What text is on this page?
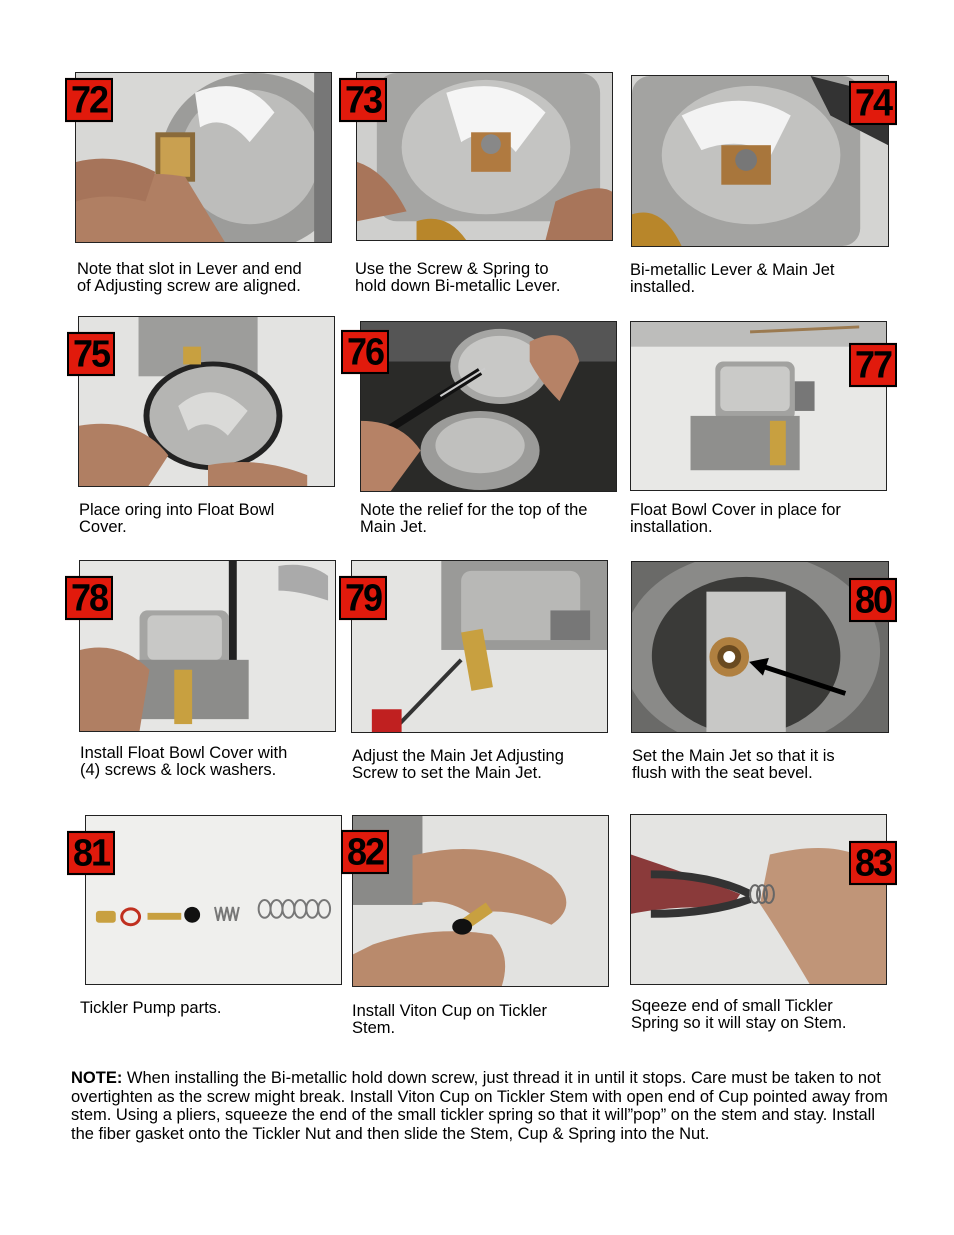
72
Note that slot in Lever and end
of Adjusting screw are aligned.
73
Use the Screw & Spring to
hold down Bi-metallic Lever.
74
Bi-metallic Lever & Main Jet
installed.
75
Place oring into Float Bowl
Cover.
76
Note the relief for the top of the
Main Jet.
77
Float Bowl Cover in place for
installation.
78
Install Float Bowl Cover with
(4) screws & lock washers.
79
Adjust the Main Jet Adjusting
Screw to set the Main Jet.
80
Set the Main Jet so that it is
flush with the seat bevel.
81
Tickler Pump parts.
82
Install Viton Cup on Tickler
Stem.
83
Sqeeze end of small Tickler
Spring so it will stay on Stem.
NOTE: When installing the Bi-metallic hold down screw, just thread it in until it stops. Care must be taken to not overtighten as the screw might break. Install Viton Cup on Tickler Stem with open end of Cup pointed away from stem. Using a pliers, squeeze the end of the small tickler spring so that it will”pop” on the stem and stay. Install the fiber gasket onto the Tickler Nut and then slide the Stem, Cup & Spring into the Nut.
